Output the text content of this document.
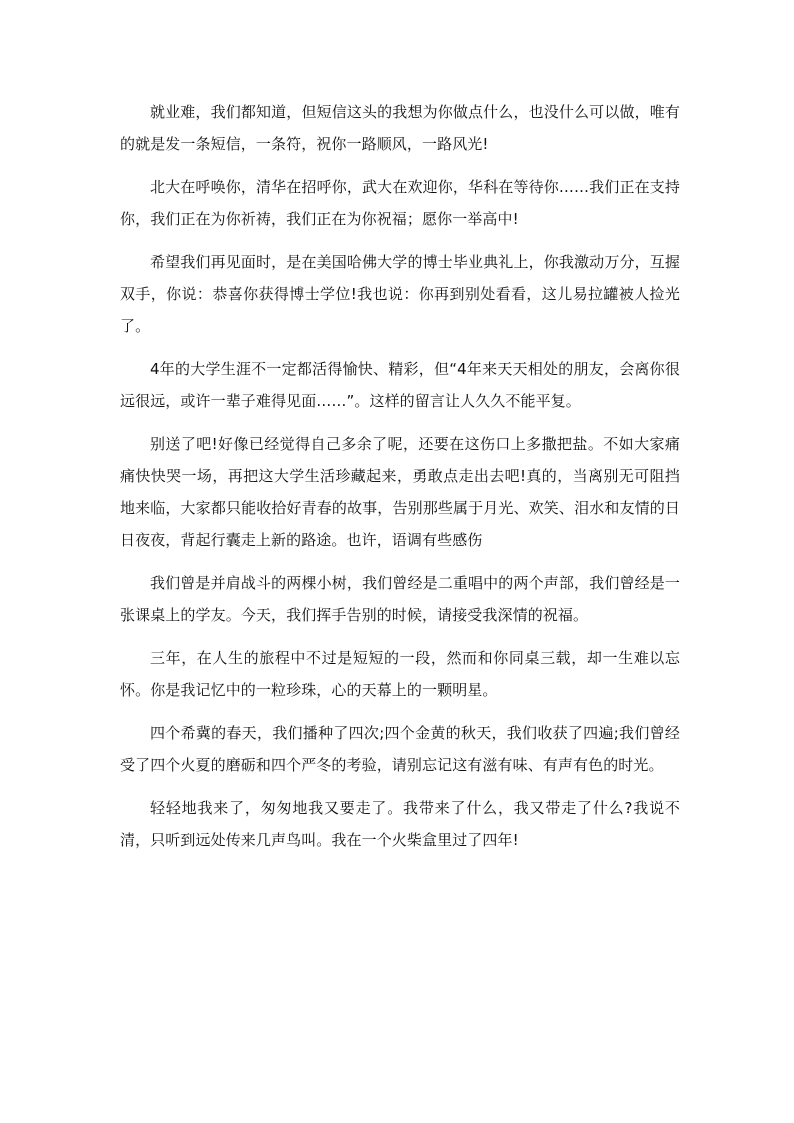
就业难，我们都知道，但短信这头的我想为你做点什么，也没什么可以做，唯有的就是发一条短信，一条符，祝你一路顺风，一路风光!

北大在呼唤你，清华在招呼你，武大在欢迎你，华科在等待你……我们正在支持你，我们正在为你祈祷，我们正在为你祝福；愿你一举高中!

希望我们再见面时，是在美国哈佛大学的博士毕业典礼上，你我激动万分，互握双手，你说：恭喜你获得博士学位!我也说：你再到别处看看，这儿易拉罐被人捡光了。

4年的大学生涯不一定都活得愉快、精彩，但“4年来天天相处的朋友，会离你很远很远，或许一辈子难得见面……”。这样的留言让人久久不能平复。

别送了吧!好像已经觉得自己多余了呢，还要在这伤口上多撒把盐。不如大家痛痛快快哭一场，再把这大学生活珍藏起来，勇敢点走出去吧!真的，当离别无可阻挡地来临，大家都只能收拾好青春的故事，告别那些属于月光、欢笑、泪水和友情的日日夜夜，背起行囊走上新的路途。也许，语调有些感伤

我们曾是并肩战斗的两棵小树，我们曾经是二重唱中的两个声部，我们曾经是一张课桌上的学友。今天，我们挥手告别的时候，请接受我深情的祝福。

三年，在人生的旅程中不过是短短的一段，然而和你同桌三载，却一生难以忘怀。你是我记忆中的一粒珍珠，心的天幕上的一颗明星。

四个希冀的春天，我们播种了四次;四个金黄的秋天，我们收获了四遍;我们曾经受了四个火夏的磨砺和四个严冬的考验，请别忘记这有滋有味、有声有色的时光。

轻轻地我来了，匆匆地我又要走了。我带来了什么，我又带走了什么?我说不清，只听到远处传来几声鸟叫。我在一个火柴盒里过了四年!
